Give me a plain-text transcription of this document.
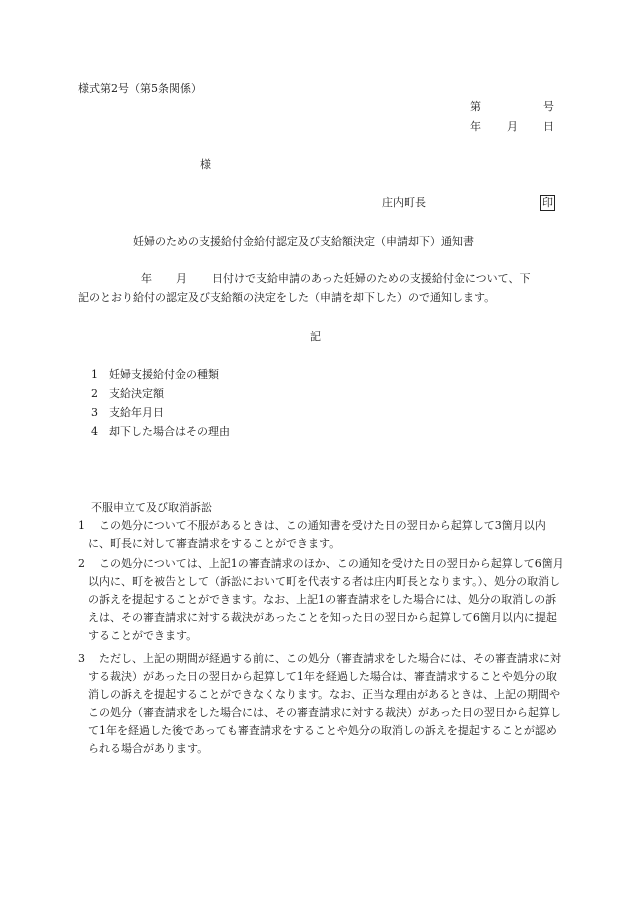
様式第2号（第5条関係）
第	号
年 月 日
様
庄内町長	印
妊婦のための支援給付金給付認定及び支給額決定（申請却下）通知書
年 月 日付けで支給申請のあった妊婦のための支援給付金について、下
記のとおり給付の認定及び支給額の決定をした（申請を却下した）ので通知します。
記
1 妊婦支援給付金の種類
2 支給決定額
3 支給年月日
4 却下した場合はその理由
不服申立て及び取消訴訟
1	この処分について不服があるときは、この通知書を受けた日の翌日から起算して3箇月以内に、町長に対して審査請求をすることができます。
2	この処分については、上記1の審査請求のほか、この通知を受けた日の翌日から起算して6箇月以内に、町を被告として（訴訟において町を代表する者は庄内町長となります。）、処分の取消しの訴えを提起することができます。なお、上記1の審査請求をした場合には、処分の取消しの訴えは、その審査請求に対する裁決があったことを知った日の翌日から起算して6箇月以内に提起することができます。
3	ただし、上記の期間が経過する前に、この処分（審査請求をした場合には、その審査請求に対する裁決）があった日の翌日から起算して1年を経過した場合は、審査請求することや処分の取消しの訴えを提起することができなくなります。なお、正当な理由があるときは、上記の期間やこの処分（審査請求をした場合には、その審査請求に対する裁決）があった日の翌日から起算して1年を経過した後であっても審査請求をすることや処分の取消しの訴えを提起することが認められる場合があります。
